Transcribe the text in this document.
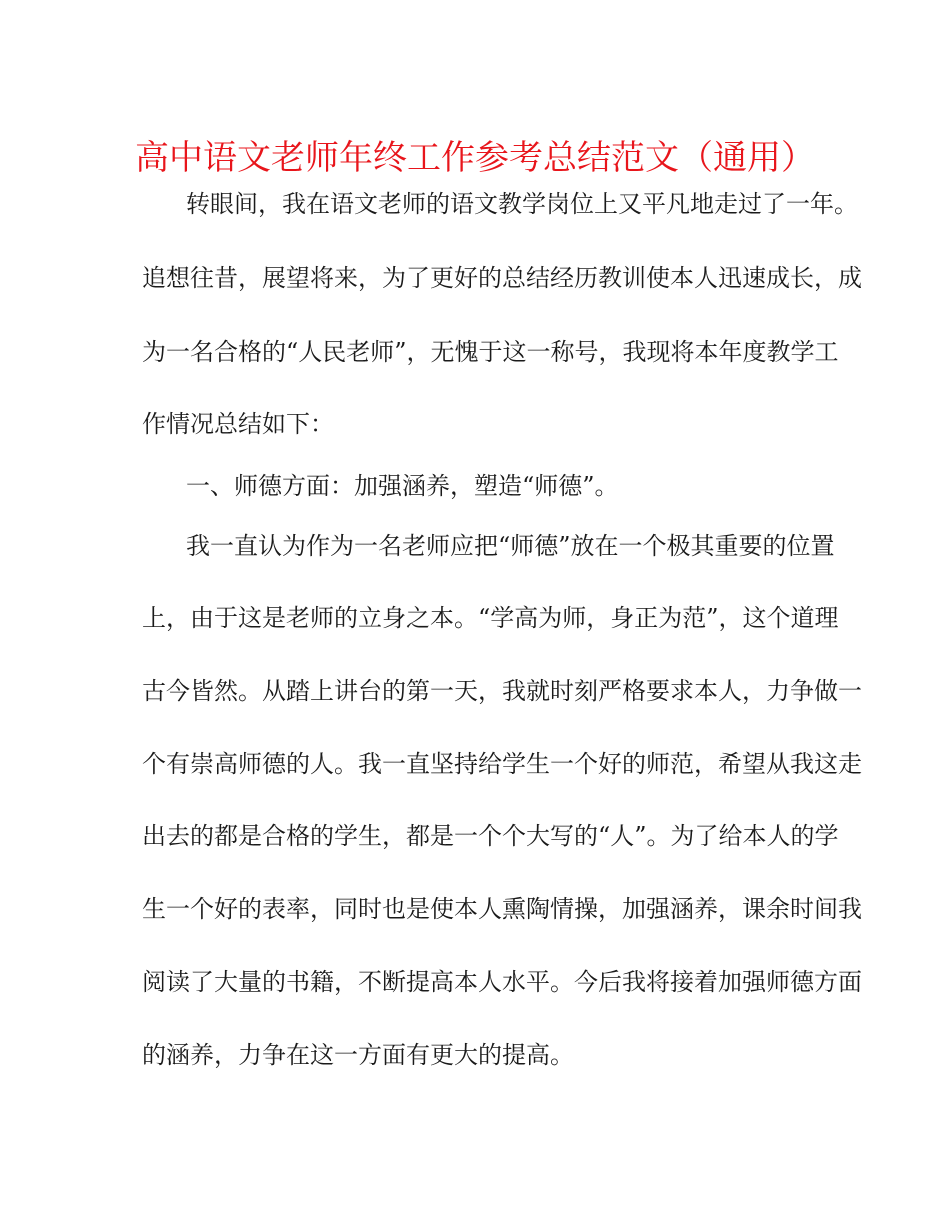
高中语文老师年终工作参考总结范文（通用）

转眼间，我在语文老师的语文教学岗位上又平凡地走过了一年。

追想往昔，展望将来，为了更好的总结经历教训使本人迅速成长，成

为一名合格的“人民老师”，无愧于这一称号，我现将本年度教学工

作情况总结如下：

一、师德方面：加强涵养，塑造“师德”。

我一直认为作为一名老师应把“师德”放在一个极其重要的位置

上，由于这是老师的立身之本。“学高为师，身正为范”，这个道理

古今皆然。从踏上讲台的第一天，我就时刻严格要求本人，力争做一

个有崇高师德的人。我一直坚持给学生一个好的师范，希望从我这走

出去的都是合格的学生，都是一个个大写的“人”。为了给本人的学

生一个好的表率，同时也是使本人熏陶情操，加强涵养，课余时间我

阅读了大量的书籍，不断提高本人水平。今后我将接着加强师德方面

的涵养，力争在这一方面有更大的提高。
